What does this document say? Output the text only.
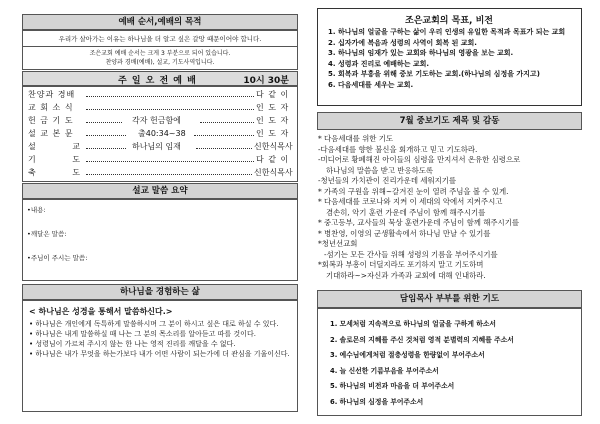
예배 순서,예배의 목적
우리가 살아가는 이유는 하나님을 더 알고 싶은 갈망 때문이어야 합니다.
조은교회 예배 순서는 크게 3 부분으로 되어 있습니다.
찬양과 경배(예배), 설교, 기도사역입니다.
주 일 오 전 예 배	10시 30분
찬양과 경배	다 같 이
교 회 소 식	인 도 자
헌 금 기 도	각자 헌금함에	인 도 자
설 교 본 문	출40:34~38	인 도 자
설 교	하나님의 임재	신한식목사
기 도	다 같 이
축 도	신한식목사
설교 말씀 요약
•내용:
•깨달은 말씀:
•주님이 주시는 말씀:
하나님을 경험하는 삶
< 하나님은 성경을 통해서 말씀하신다.>
• 하나님은 개인에게 독특하게 말씀하시며 그 분이 하시고 싶은 대로 하실 수 있다.
• 하나님은 내게 말씀하실 때 나는 그 분의 목소리를 알아듣고 따를 것이다.
• 성령님이 가르쳐 주시지 않는 한 나는 영적 진리를 깨달을 수 없다.
• 하나님은 내가 무엇을 하는가보다 내가 어떤 사람이 되는가에 더 관심을 기울이신다.
조은교회의 목표, 비전
1. 하나님의 얼굴을 구하는 삶이 우리 인생의 유일한 목적과 목표가 되는 교회
2. 십자가에 복음과 성령의 사역이 회복 된 교회.
3. 하나님의 임재가 있는 교회와 하나님의 영광을 보는 교회.
4. 성령과 진리로 예배하는 교회.
5. 회복과 부흥을 위해 중보 기도하는 교회.(하나님의 심정을 가지고)
6. 다음세대를 세우는 교회.
7월 중보기도 제목 및 감동
* 다음세대를 위한 기도
-다음세대를 향한 불신을 회개하고 믿고 기도하라.
-미디어로 황폐해진 아이들의 심령을 만지셔서 온유한 심령으로
하나님의 말씀을 받고 반응하도록
-청년들의 가치관이 진리가운데 세워지기를
* 가족의 구원을 위해~갈겨진 눈이 열려 주님을 볼 수 있게.
* 다음세대를 코로나와 지켜 이 세대의 악에서 지켜주시고
겸손히, 악기 훈련 가운데 주님이 함께 해주시기를
* 중고등부, 교사들의 묵상 훈련가운데 주님이 함께 해주시기를
* 병찬영, 이영의 군생활속에서 하나님 만날 수 있기를
*청년선교회
-섬기는 모든 간사들 위해 성령의 기름을 부어주시기를
*회복과 부흥이 더딜지라도 포기하지 말고 기도하며
기대하라~>자신과 가족과 교회에 대해 인내하라.
담임목사 부부를 위한 기도
1. 모세처럼 지속적으로 하나님의 얼굴을 구하게 하소서
2. 솔로몬의 지혜를 주신 것처럼 영적 분별력의 지혜를 주소서
3. 예수님에게처럼 절충성령을 한량없이 부어주소서
4. 늘 신선한 기름부음을 부어주소서
5. 하나님의 비전과 마음을 더 부어주소서
6. 하나님의 심정을 부어주소서
